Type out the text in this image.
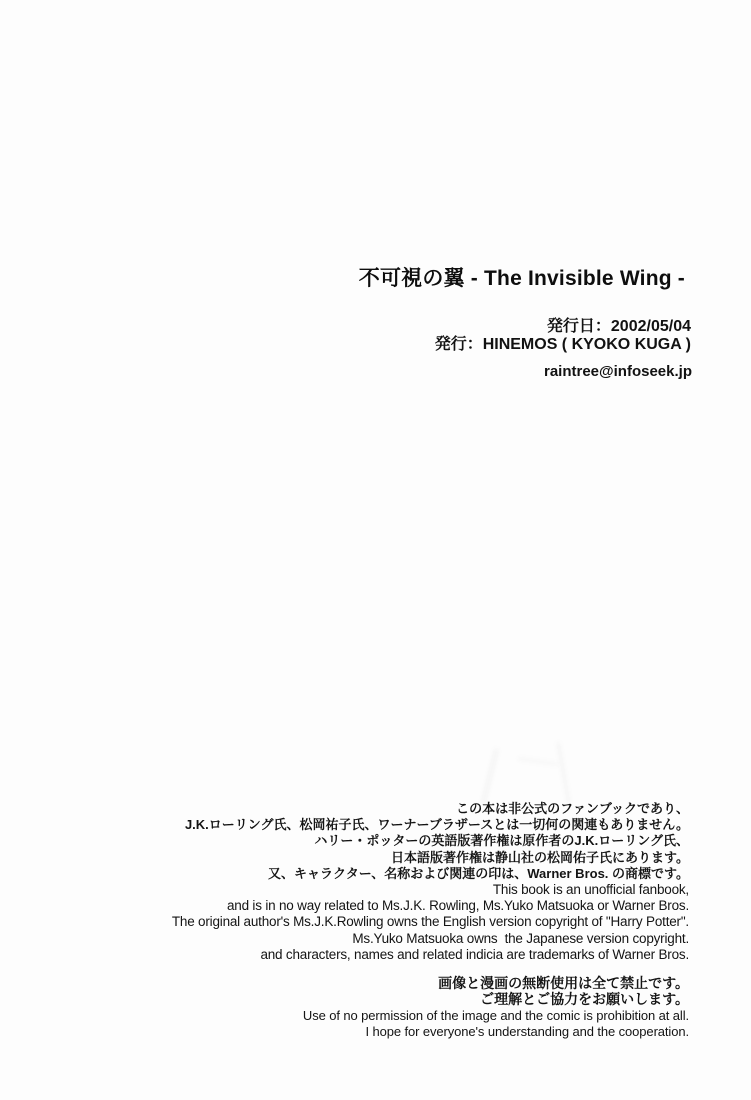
不可視の翼 - The Invisible Wing -
発行日：2002/05/04
発行：HINEMOS ( KYOKO KUGA )
raintree@infoseek.jp
この本は非公式のファンブックであり、
J.K.ローリング氏、松岡祐子氏、ワーナーブラザースとは一切何の関連もありません。
ハリー・ポッターの英語版著作権は原作者のJ.K.ローリング氏、
日本語版著作権は静山社の松岡佑子氏にあります。
又、キャラクター、名称および関連の印は、Warner Bros. の商標です。
This book is an unofficial fanbook,
and is in no way related to Ms.J.K. Rowling, Ms.Yuko Matsuoka or Warner Bros.
The original author's Ms.J.K.Rowling owns the English version copyright of "Harry Potter".
Ms.Yuko Matsuoka owns  the Japanese version copyright.
and characters, names and related indicia are trademarks of Warner Bros.
画像と漫画の無断使用は全て禁止です。
ご理解とご協力をお願いします。
Use of no permission of the image and the comic is prohibition at all.
I hope for everyone's understanding and the cooperation.
